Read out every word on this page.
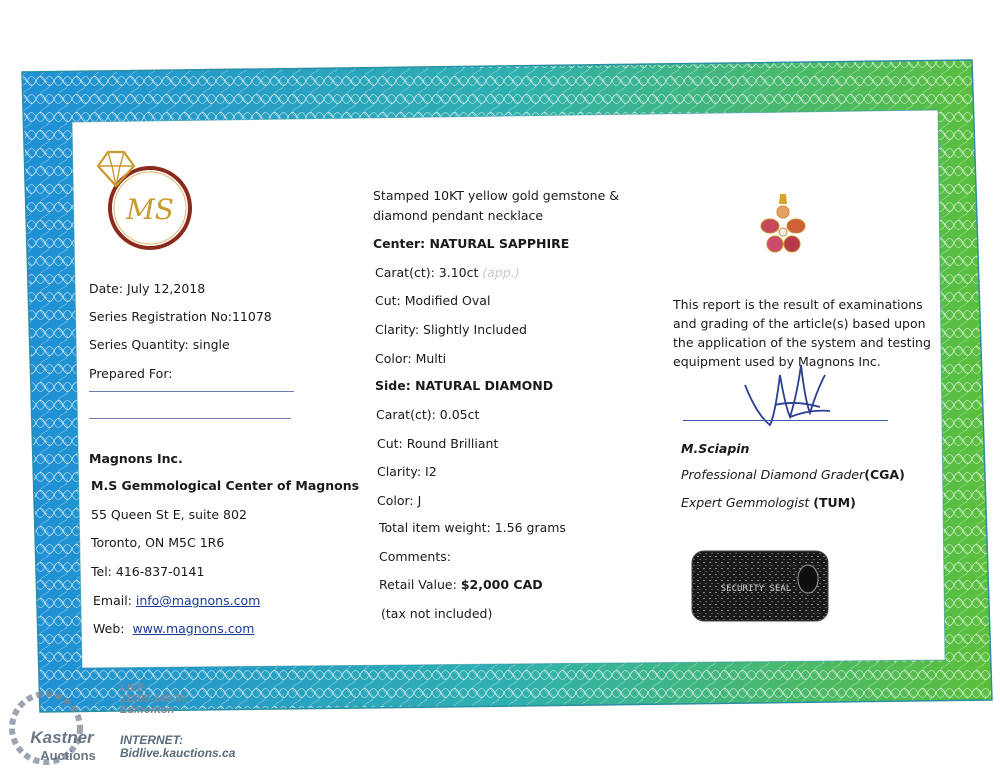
MS
Date: July 12,2018
Series Registration No:11078
Series Quantity: single
Prepared For:
Magnons Inc.
M.S Gemmological Center of Magnons
55 Queen St E, suite 802
Toronto, ON M5C 1R6
Tel: 416-837-0141
Email: info@magnons.com
Web: www.magnons.com
Stamped 10KT yellow gold gemstone &
diamond pendant necklace
Center: NATURAL SAPPHIRE
Carat(ct): 3.10ct (app.)
Cut: Modified Oval
Clarity: Slightly Included
Color: Multi
Side: NATURAL DIAMOND
Carat(ct): 0.05ct
Cut: Round Brilliant
Clarity: I2
Color: J
Total item weight: 1.56 grams
Comments:
Retail Value: $2,000 CAD
(tax not included)
This report is the result of examinations
and grading of the article(s) based upon
the application of the system and testing
equipment used by Magnons Inc.
M.Sciapin
Professional Diamond Grader(CGA)
Expert Gemmologist (TUM)
SECURITY SEAL
Kastner
Auctions
LIVE:
11205-149 St.
Edmonton
INTERNET:
Bidlive.kauctions.ca
